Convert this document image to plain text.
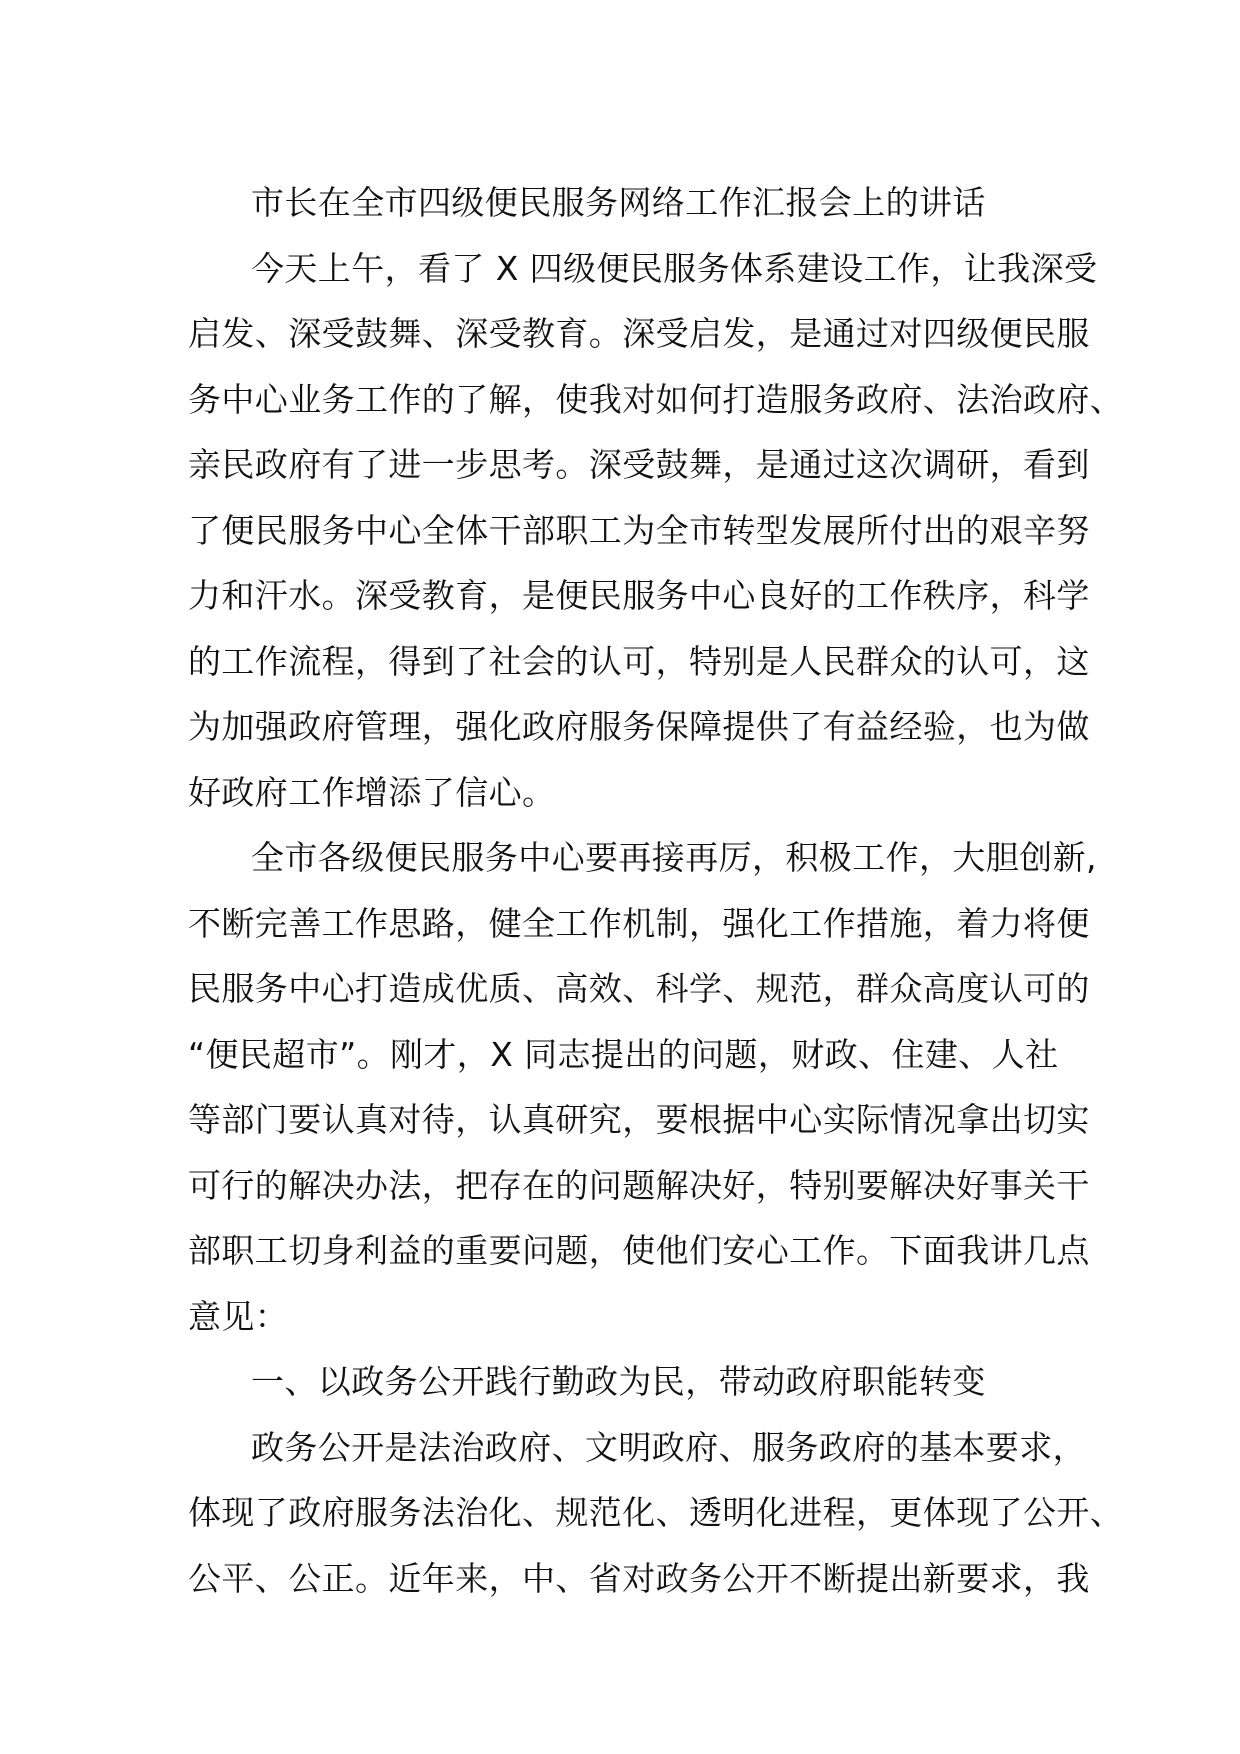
市长在全市四级便民服务网络工作汇报会上的讲话
今天上午，看了 X 四级便民服务体系建设工作，让我深受
启发、深受鼓舞、深受教育。深受启发，是通过对四级便民服
务中心业务工作的了解，使我对如何打造服务政府、法治政府、
亲民政府有了进一步思考。深受鼓舞，是通过这次调研，看到
了便民服务中心全体干部职工为全市转型发展所付出的艰辛努
力和汗水。深受教育，是便民服务中心良好的工作秩序，科学
的工作流程，得到了社会的认可，特别是人民群众的认可，这
为加强政府管理，强化政府服务保障提供了有益经验，也为做
好政府工作增添了信心。
全市各级便民服务中心要再接再厉，积极工作，大胆创新,
不断完善工作思路，健全工作机制，强化工作措施，着力将便
民服务中心打造成优质、高效、科学、规范，群众高度认可的
“便民超市”。刚才，X 同志提出的问题，财政、住建、人社
等部门要认真对待，认真研究，要根据中心实际情况拿出切实
可行的解决办法，把存在的问题解决好，特别要解决好事关干
部职工切身利益的重要问题，使他们安心工作。下面我讲几点
意见：
一、以政务公开践行勤政为民，带动政府职能转变
政务公开是法治政府、文明政府、服务政府的基本要求，
体现了政府服务法治化、规范化、透明化进程，更体现了公开、
公平、公正。近年来，中、省对政务公开不断提出新要求，我
